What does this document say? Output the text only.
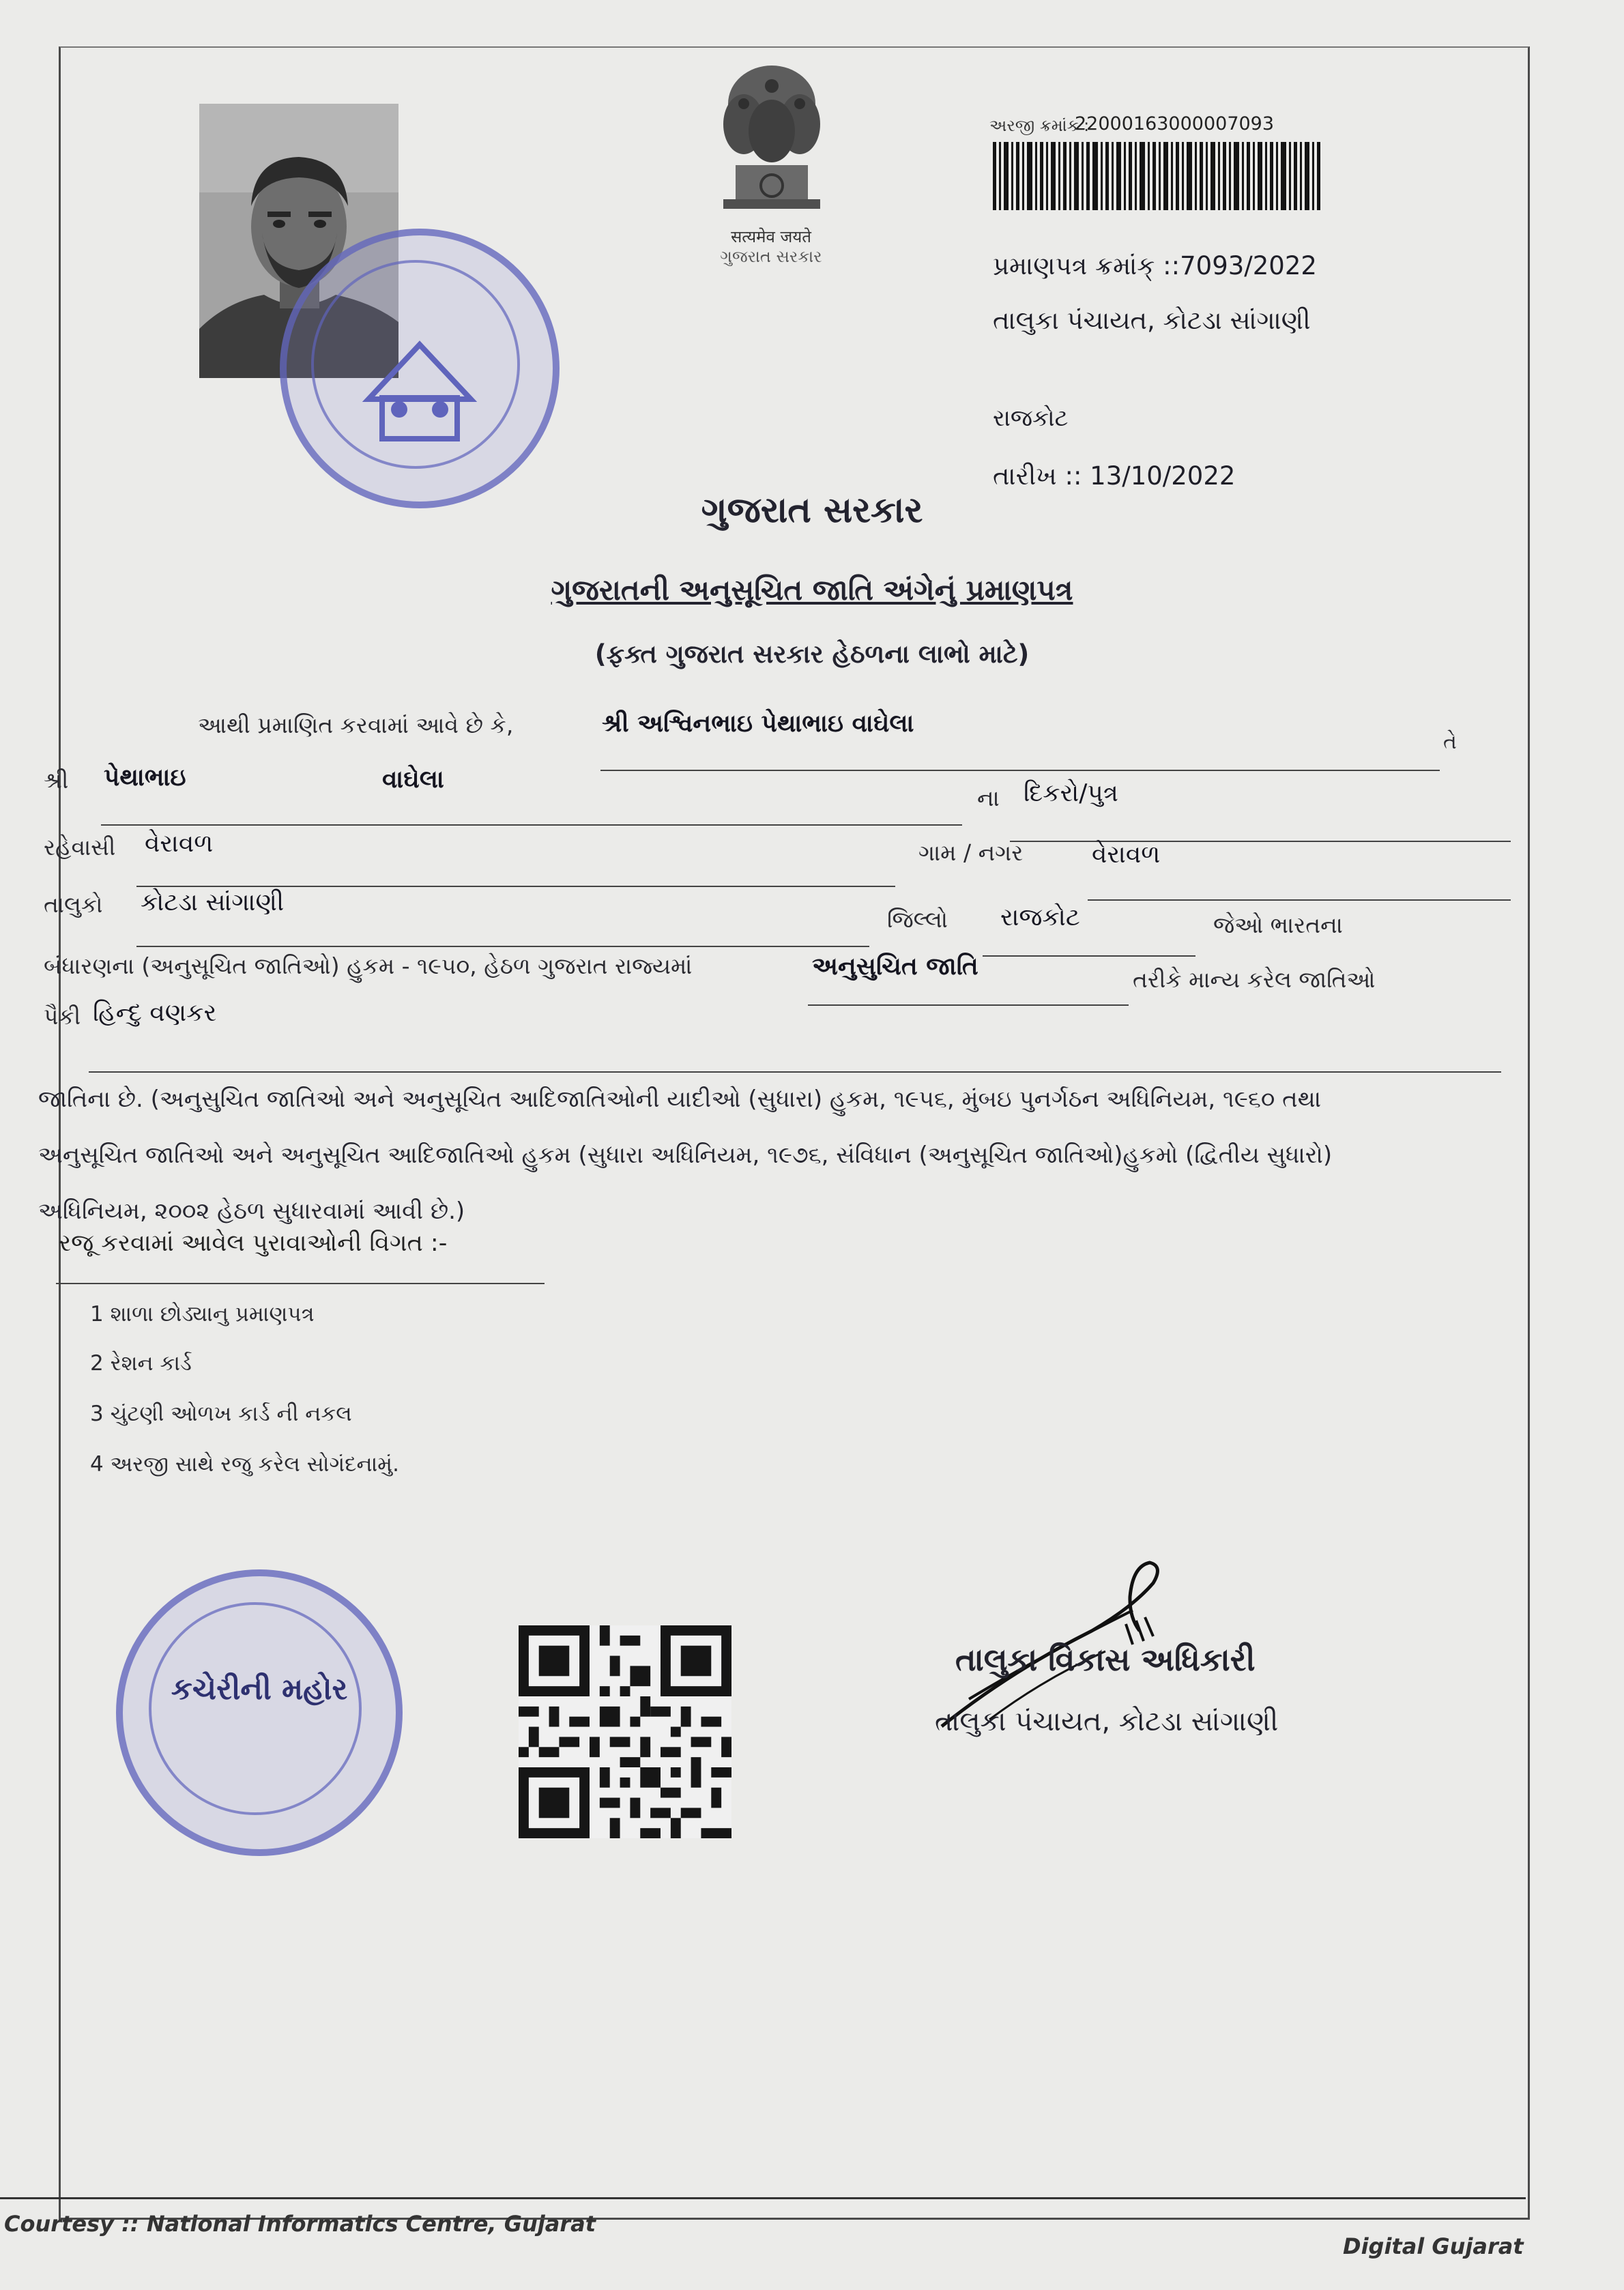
सत्यमेव जयते
ગુજરાત સરકાર
અરજી ક્રમાંક :
22000163000007093
પ્રમાણપત્ર ક્રમાંક્ ::7093/2022
તાલુકા પંચાયત, કોટડા સાંગાણી
રાજકોટ
તારીખ :: 13/10/2022
ગુજરાત સરકાર
ગુજરાતની અનુસૂચિત જાતિ અંગેનું પ્રમાણપત્ર
(ફક્ત ગુજરાત સરકાર હેઠળના લાભો માટે)
આથી પ્રમાણિત કરવામાં આવે છે કે,	શ્રી અશ્વિનભાઇ પેથાભાઇ વાઘેલા
તે
શ્રી પેથાભાઇ	વાઘેલા
ના દિકરો/પુત્ર
રહેવાસી વેરાવળ	ગામ / નગર	વેરાવળ
તાલુકો કોટડા સાંગાણી
જિલ્લો રાજકોટ	જેઓ ભારતના
બંધારણના (અનુસૂચિત જાતિઓ) હુકમ - ૧૯૫૦, હેઠળ ગુજરાત રાજ્યમાં	અનુસુચિત જાતિ	તરીકે માન્ય કરેલ જાતિઓ
પૈકી હિન્દુ વણકર
જાતિના છે. (અનુસુચિત જાતિઓ અને અનુસૂચિત આદિજાતિઓની યાદીઓ (સુધારા) હુકમ, ૧૯૫૬, મુંબઇ પુનર્ગઠન અધિનિયમ, ૧૯૬૦ તથા
અનુસૂચિત જાતિઓ અને અનુસૂચિત આદિજાતિઓ હુકમ (સુધારા અધિનિયમ, ૧૯૭૬, સંવિધાન (અનુસૂચિત જાતિઓ)હુકમો (દ્વિતીય સુધારો)
અધિનિયમ, ૨૦૦૨ હેઠળ સુધારવામાં આવી છે.)
રજૂ કરવામાં આવેલ પુરાવાઓની વિગત :-
1 શાળા છોડ્યાનુ પ્રમાણપત્ર
2 રેશન કાર્ડ
3 ચુંટણી ઓળખ કાર્ડ ની નકલ
4 અરજી સાથે રજુ કરેલ સોગંદનામું.
કચેરીની મહોર
તાલુકા વિકાસ અધિકારી
તાલુકા પંચાયત, કોટડા સાંગાણી
Courtesy :: National Informatics Centre, Gujarat
Digital Gujarat
